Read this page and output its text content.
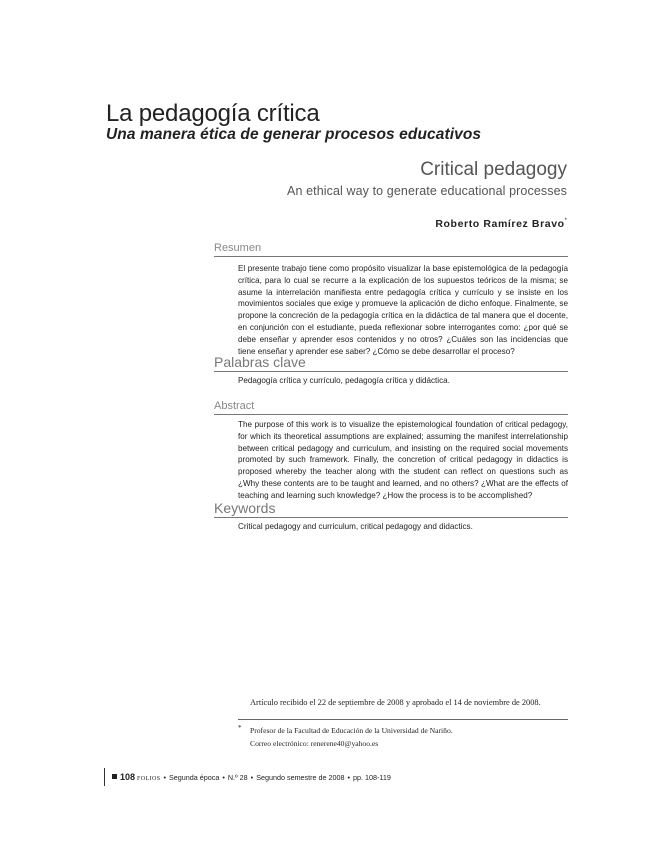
La pedagogía crítica
Una manera ética de generar procesos educativos
Critical pedagogy
An ethical way to generate educational processes

Roberto Ramírez Bravo*

Resumen

El presente trabajo tiene como propósito visualizar la base epistemológica de la pedagogía crítica, para lo cual se recurre a la explicación de los supuestos teóricos de la misma; se asume la interrelación manifiesta entre pedagogía crítica y currículo y se insiste en los movimientos sociales que exige y promueve la aplicación de dicho enfoque. Finalmente, se propone la concreción de la pedagogía crítica en la didáctica de tal manera que el docente, en conjunción con el estudiante, pueda reflexionar sobre interrogantes como: ¿por qué se debe enseñar y aprender esos contenidos y no otros? ¿Cuáles son las incidencias que tiene enseñar y aprender ese saber? ¿Cómo se debe desarrollar el proceso?

Palabras clave

Pedagogía crítica y currículo, pedagogía crítica y didáctica.

Abstract

The purpose of this work is to visualize the epistemological foundation of critical pedagogy, for which its theoretical assumptions are explained; assuming the manifest interrelationship between critical pedagogy and curriculum, and insisting on the required social movements promoted by such framework. Finally, the concretion of critical pedagogy in didactics is proposed whereby the teacher along with the student can reflect on questions such as ¿Why these contents are to be taught and learned, and no others? ¿What are the effects of teaching and learning such knowledge? ¿How the process is to be accomplished?

Keywords

Critical pedagogy and curriculum, critical pedagogy and didactics.

Artículo recibido el 22 de septiembre de 2008 y aprobado el 14 de noviembre de 2008.

* Profesor de la Facultad de Educación de la Universidad de Nariño.

Correo electrónico: renerene40@yahoo.es

108 FOLIOS • Segunda época • N.º 28 • Segundo semestre de 2008 • pp. 108-119
